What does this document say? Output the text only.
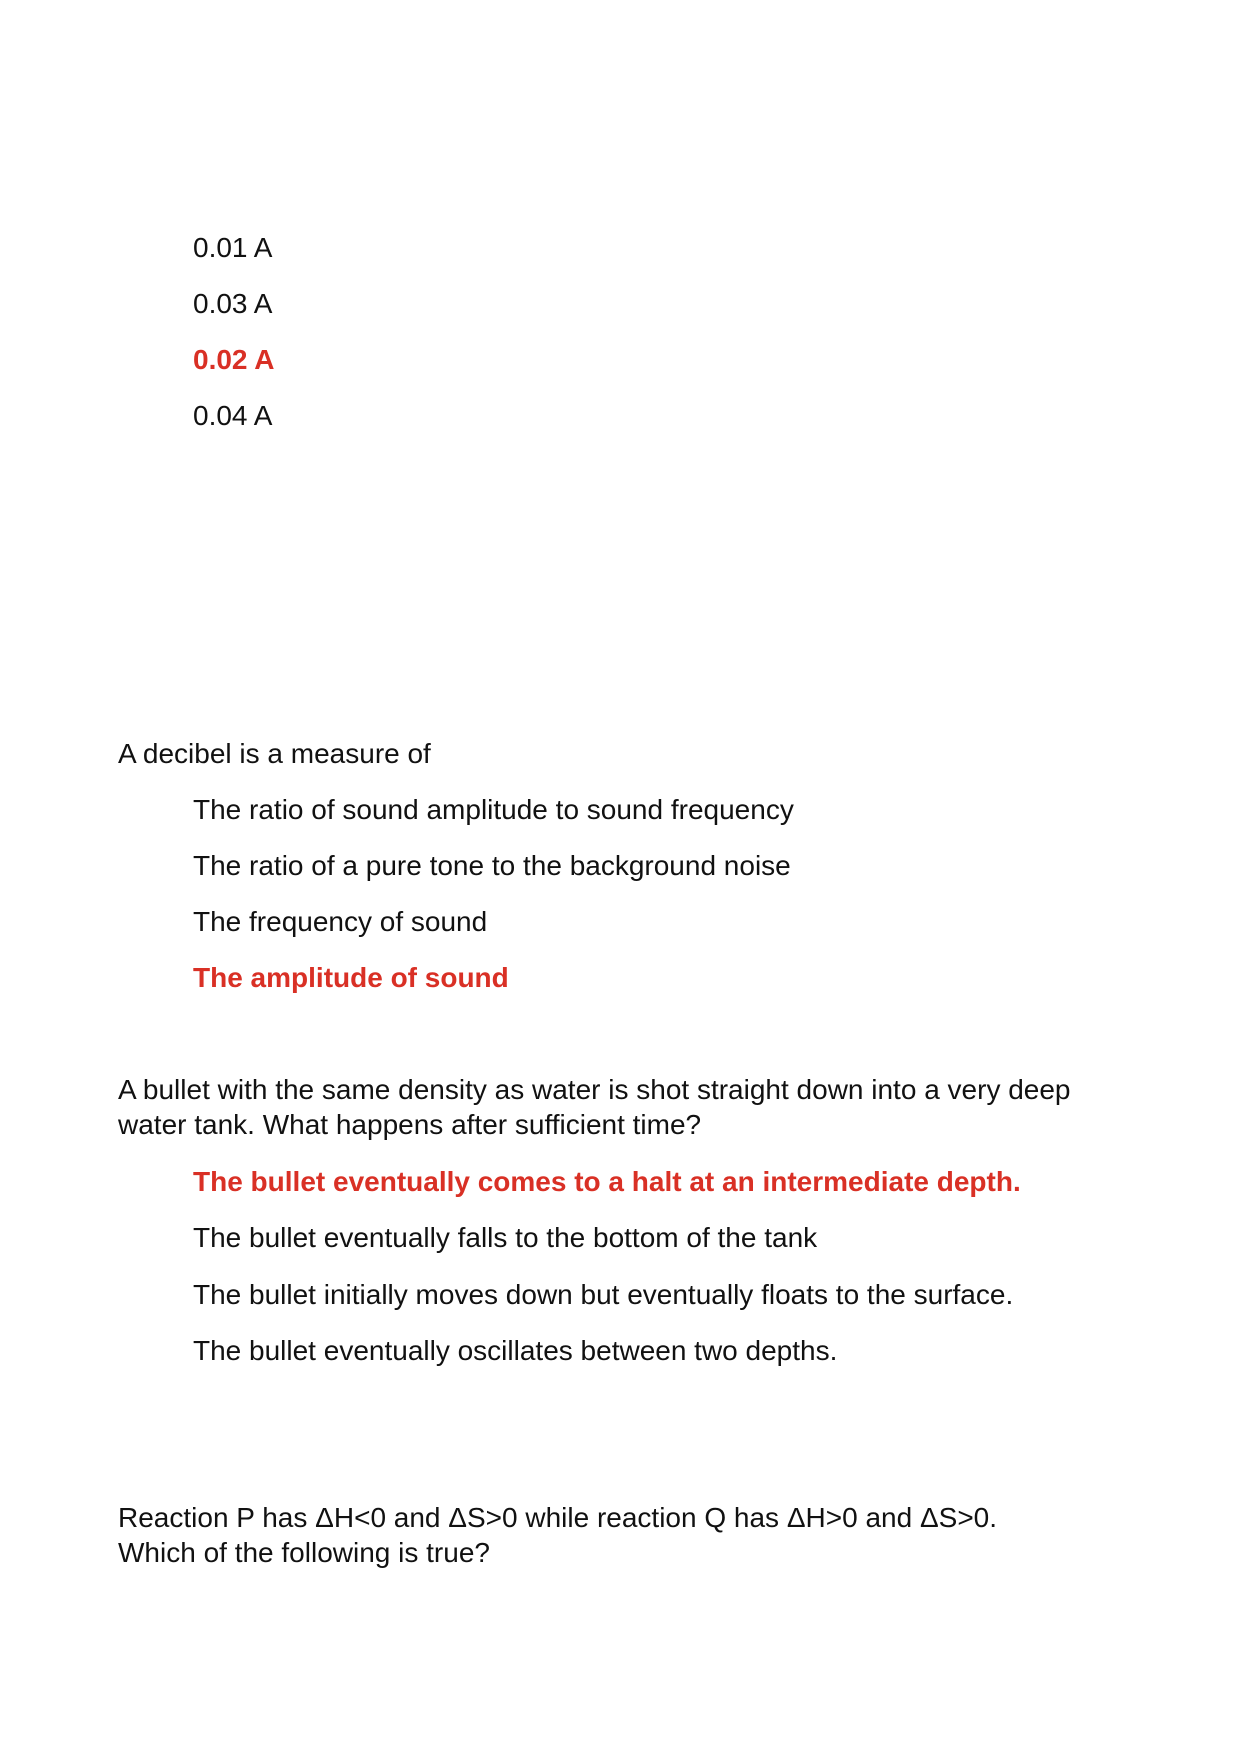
0.01 A
0.03 A
0.02 A
0.04 A
A decibel is a measure of
The ratio of sound amplitude to sound frequency
The ratio of a pure tone to the background noise
The frequency of sound
The amplitude of sound
A bullet with the same density as water is shot straight down into a very deep
water tank. What happens after sufficient time?
The bullet eventually comes to a halt at an intermediate depth.
The bullet eventually falls to the bottom of the tank
The bullet initially moves down but eventually floats to the surface.
The bullet eventually oscillates between two depths.
Reaction P has ΔH<0 and ΔS>0 while reaction Q has ΔH>0 and ΔS>0.
Which of the following is true?
